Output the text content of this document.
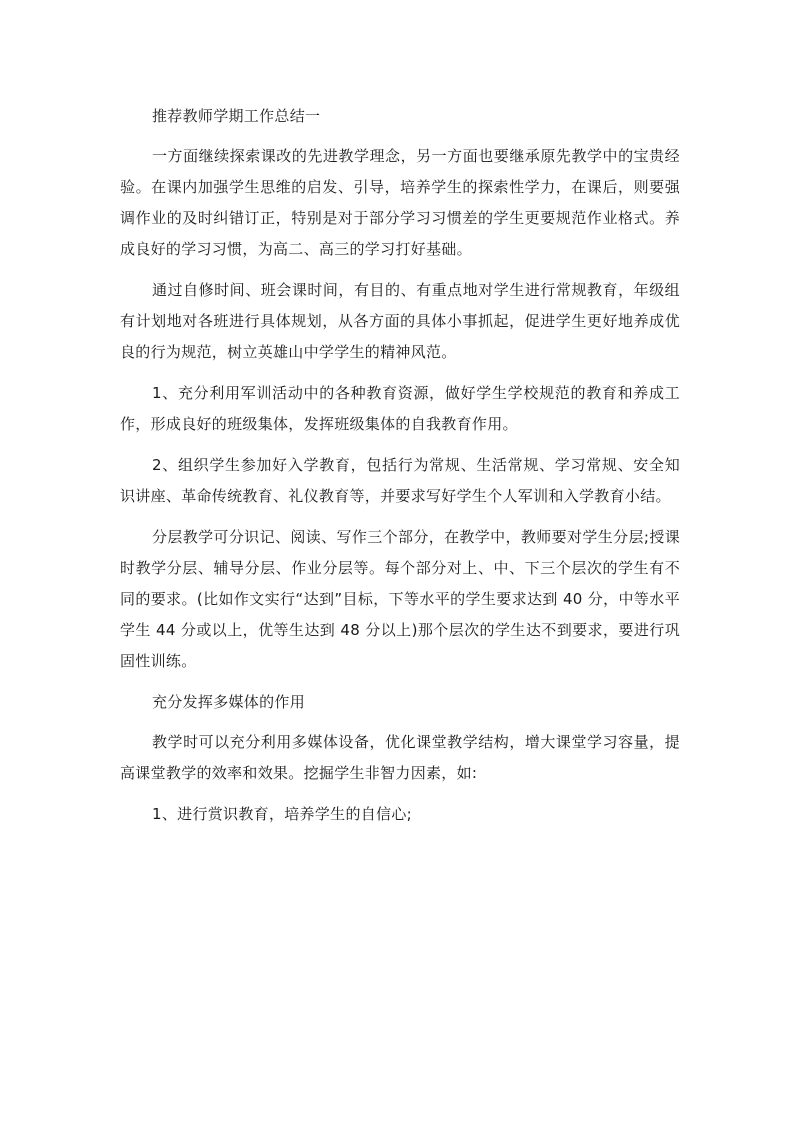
推荐教师学期工作总结一

一方面继续探索课改的先进教学理念，另一方面也要继承原先教学中的宝贵经验。在课内加强学生思维的启发、引导，培养学生的探索性学力，在课后，则要强调作业的及时纠错订正，特别是对于部分学习习惯差的学生更要规范作业格式。养成良好的学习习惯，为高二、高三的学习打好基础。

通过自修时间、班会课时间，有目的、有重点地对学生进行常规教育，年级组有计划地对各班进行具体规划，从各方面的具体小事抓起，促进学生更好地养成优良的行为规范，树立英雄山中学学生的精神风范。

1、充分利用军训活动中的各种教育资源，做好学生学校规范的教育和养成工作，形成良好的班级集体，发挥班级集体的自我教育作用。

2、组织学生参加好入学教育，包括行为常规、生活常规、学习常规、安全知识讲座、革命传统教育、礼仪教育等，并要求写好学生个人军训和入学教育小结。

分层教学可分识记、阅读、写作三个部分，在教学中，教师要对学生分层;授课时教学分层、辅导分层、作业分层等。每个部分对上、中、下三个层次的学生有不同的要求。(比如作文实行“达到”目标，下等水平的学生要求达到 40 分，中等水平学生 44 分或以上，优等生达到 48 分以上)那个层次的学生达不到要求，要进行巩固性训练。

充分发挥多媒体的作用

教学时可以充分利用多媒体设备，优化课堂教学结构，增大课堂学习容量，提高课堂教学的效率和效果。挖掘学生非智力因素，如:

1、进行赏识教育，培养学生的自信心;
